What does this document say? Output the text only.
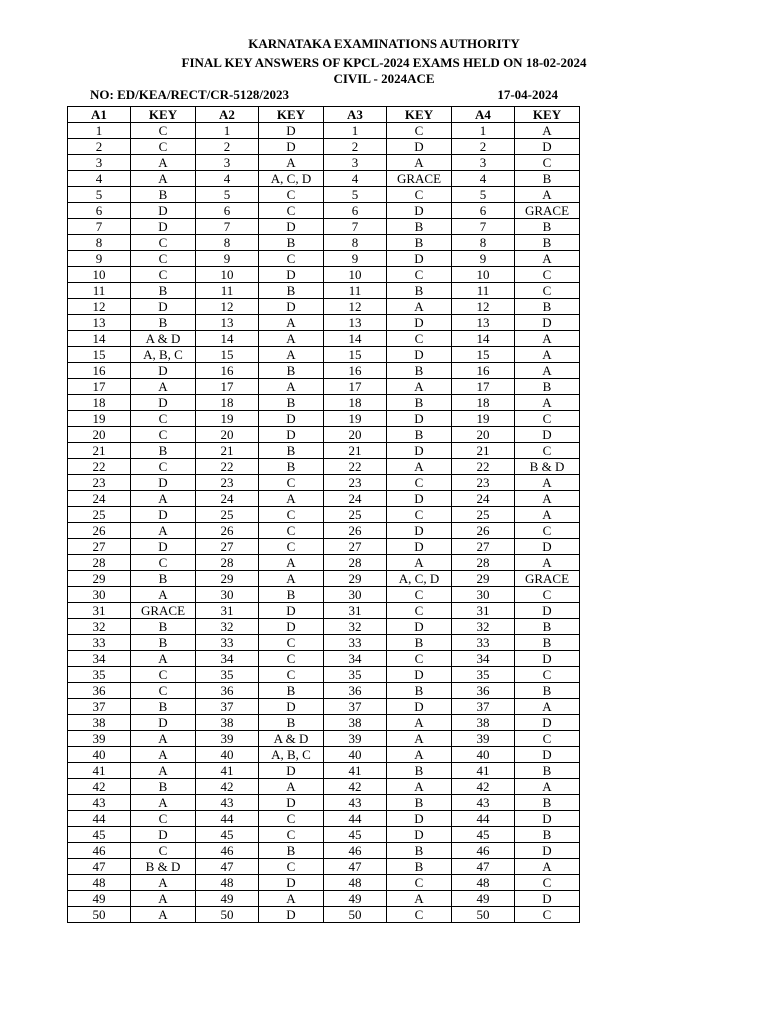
KARNATAKA EXAMINATIONS AUTHORITY
FINAL KEY ANSWERS OF KPCL-2024 EXAMS HELD ON 18-02-2024
CIVIL - 2024ACE
NO: ED/KEA/RECT/CR-5128/2023	17-04-2024
A1	KEY	A2	KEY	A3	KEY	A4	KEY
1	C	1	D	1	C	1	A
2	C	2	D	2	D	2	D
3	A	3	A	3	A	3	C
4	A	4	A, C, D	4	GRACE	4	B
5	B	5	C	5	C	5	A
6	D	6	C	6	D	6	GRACE
7	D	7	D	7	B	7	B
8	C	8	B	8	B	8	B
9	C	9	C	9	D	9	A
10	C	10	D	10	C	10	C
11	B	11	B	11	B	11	C
12	D	12	D	12	A	12	B
13	B	13	A	13	D	13	D
14	A & D	14	A	14	C	14	A
15	A, B, C	15	A	15	D	15	A
16	D	16	B	16	B	16	A
17	A	17	A	17	A	17	B
18	D	18	B	18	B	18	A
19	C	19	D	19	D	19	C
20	C	20	D	20	B	20	D
21	B	21	B	21	D	21	C
22	C	22	B	22	A	22	B & D
23	D	23	C	23	C	23	A
24	A	24	A	24	D	24	A
25	D	25	C	25	C	25	A
26	A	26	C	26	D	26	C
27	D	27	C	27	D	27	D
28	C	28	A	28	A	28	A
29	B	29	A	29	A, C, D	29	GRACE
30	A	30	B	30	C	30	C
31	GRACE	31	D	31	C	31	D
32	B	32	D	32	D	32	B
33	B	33	C	33	B	33	B
34	A	34	C	34	C	34	D
35	C	35	C	35	D	35	C
36	C	36	B	36	B	36	B
37	B	37	D	37	D	37	A
38	D	38	B	38	A	38	D
39	A	39	A & D	39	A	39	C
40	A	40	A, B, C	40	A	40	D
41	A	41	D	41	B	41	B
42	B	42	A	42	A	42	A
43	A	43	D	43	B	43	B
44	C	44	C	44	D	44	D
45	D	45	C	45	D	45	B
46	C	46	B	46	B	46	D
47	B & D	47	C	47	B	47	A
48	A	48	D	48	C	48	C
49	A	49	A	49	A	49	D
50	A	50	D	50	C	50	C
